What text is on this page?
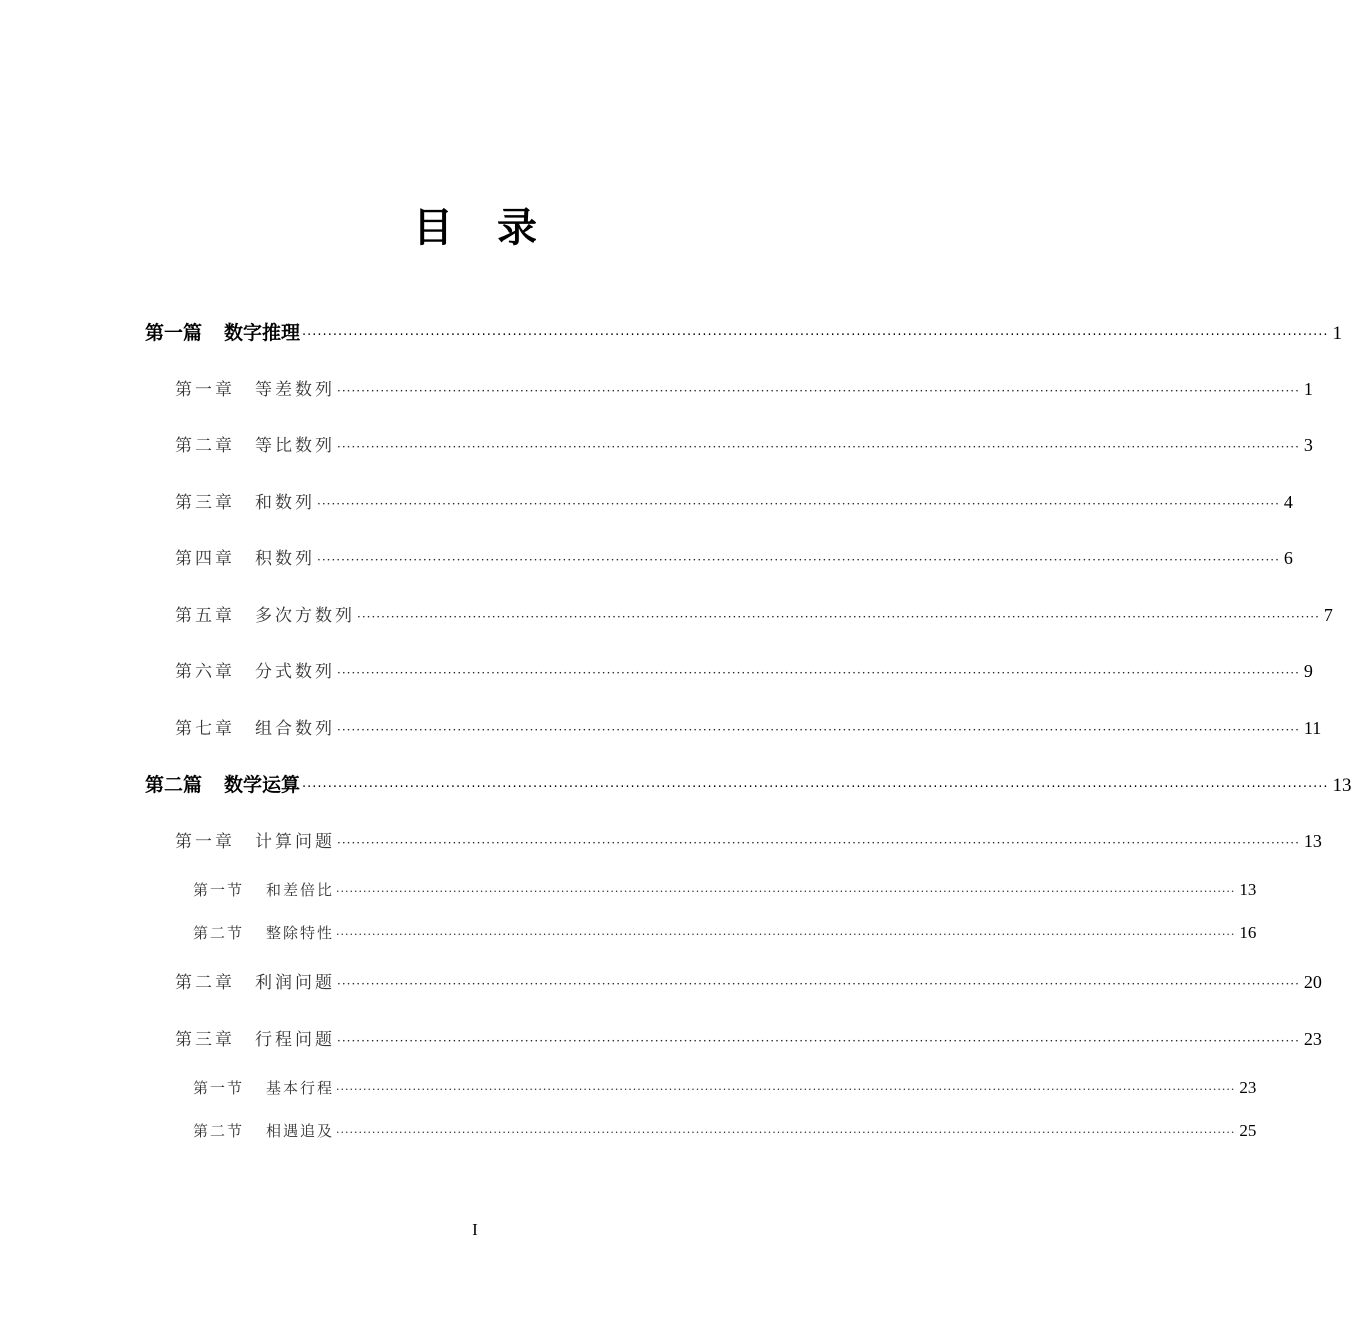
目 录
第一篇 数字推理 ········································································································································································································ 1
第一章 等差数列 ········································································································································································································ 1
第二章 等比数列 ········································································································································································································ 3
第三章 和数列 ········································································································································································································ 4
第四章 积数列 ········································································································································································································ 6
第五章 多次方数列 ········································································································································································································ 7
第六章 分式数列 ········································································································································································································ 9
第七章 组合数列 ········································································································································································································ 11
第二篇 数学运算 ········································································································································································································ 13
第一章 计算问题 ········································································································································································································ 13
第一节 和差倍比 ········································································································································································································ 13
第二节 整除特性 ········································································································································································································ 16
第二章 利润问题 ········································································································································································································ 20
第三章 行程问题 ········································································································································································································ 23
第一节 基本行程 ········································································································································································································ 23
第二节 相遇追及 ········································································································································································································ 25
I
